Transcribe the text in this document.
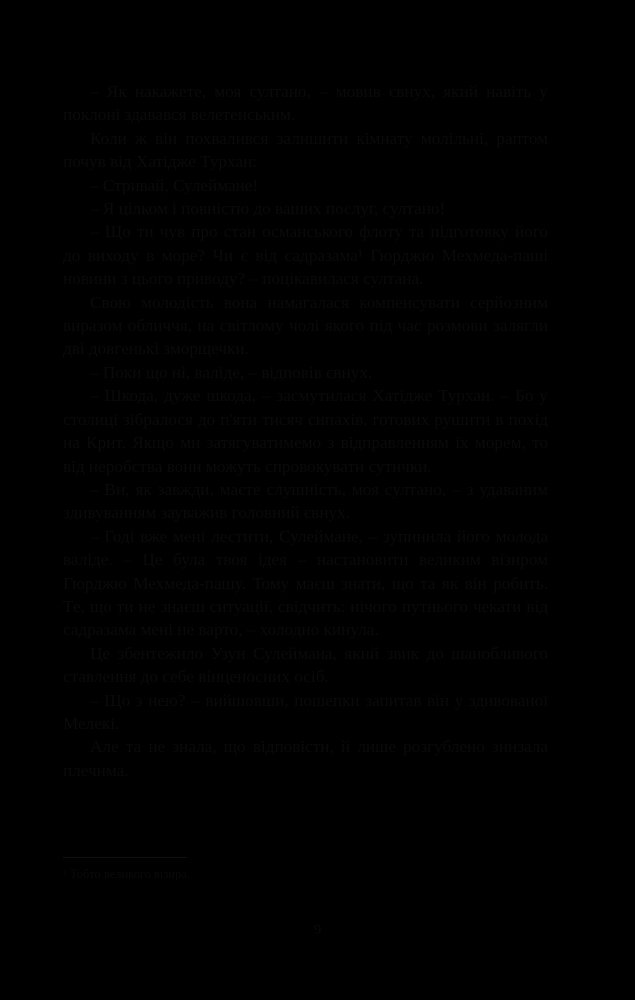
– Як накажете, моя султано, – мовив євнух, який навіть у поклоні здавався велетенським.

Коли ж він похвалився залишити кімнату молільні, раптом почув від Хатідже Турхан:

– Стривай, Сулеймане!

– Я цілком і повністю до ваших послуг, султано!

– Що ти чув про стан османського флоту та підготовку його до виходу в море? Чи є від садразама¹ Гюрджю Мехмеда-паші новини з цього приводу? – поцікавилася султана.

Свою молодість вона намагалася компенсувати серйозним виразом обличчя, на світлому чолі якого під час розмови залягли дві довгенькі зморщечки.

– Поки що ні, валіде, – відповів євнух.

– Шкода, дуже шкода, – засмутилася Хатідже Турхан. – Бо у столиці зібралося до п'яти тисяч сипахів, готових рушити в похід на Крит. Якщо ми затягуватимемо з відправленням їх морем, то від неробства вони можуть спровокувати сутички.

– Ви, як завжди, маєте слушність, моя султано, – з удаваним здивуванням зауважив головний євнух.

– Годі вже мені лестити, Сулеймане, – зупинила його молода валіде. – Це була твоя ідея – настановити великим візиром Гюрджю Мехмеда-пашу. Тому маєш знати, що та як він робить. Те, що ти не знаєш ситуації, свідчить: нічого путнього чекати від садразама мені не варто, – холодно кинула.

Це збентежило Узун Сулеймана, який звик до шанобливого ставлення до себе вінценосних осіб.

– Що з нею? – вийшовши, пошепки запитав він у здивованої Мелекі.

Але та не знала, що відповісти, й лише розгублено знизала плечима.

¹ Тобто великого візира.

9
